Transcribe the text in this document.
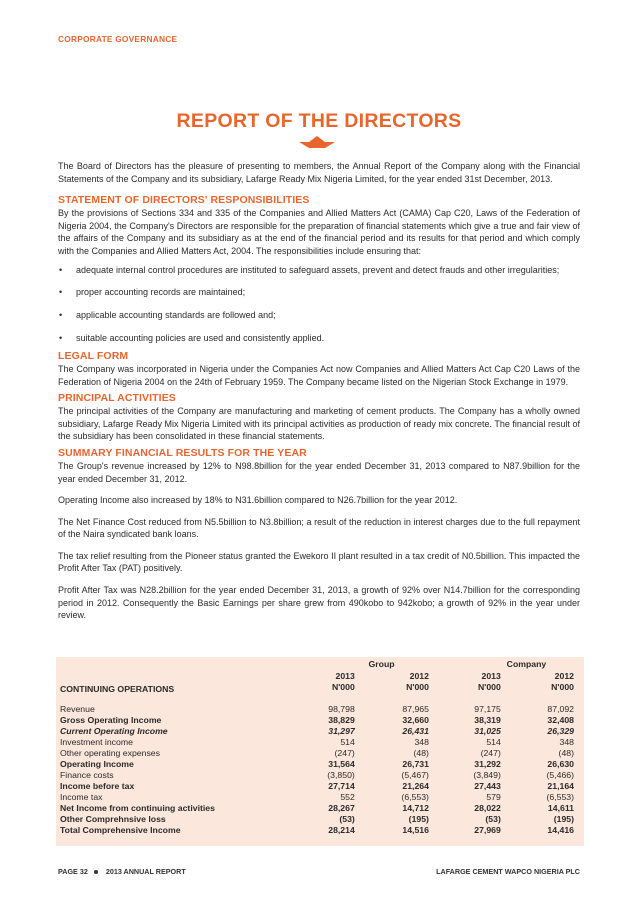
CORPORATE GOVERNANCE
REPORT OF THE DIRECTORS

The Board of Directors has the pleasure of presenting to members, the Annual Report of the Company along with the Financial Statements of the Company and its subsidiary, Lafarge Ready Mix Nigeria Limited, for the year ended 31st December, 2013.

STATEMENT OF DIRECTORS' RESPONSIBILITIES

By the provisions of Sections 334 and 335 of the Companies and Allied Matters Act (CAMA) Cap C20, Laws of the Federation of Nigeria 2004, the Company's Directors are responsible for the preparation of financial statements which give a true and fair view of the affairs of the Company and its subsidiary as at the end of the financial period and its results for that period and which comply with the Companies and Allied Matters Act, 2004. The responsibilities include ensuring that:

• adequate internal control procedures are instituted to safeguard assets, prevent and detect frauds and other irregularities;
• proper accounting records are maintained;
• applicable accounting standards are followed and;
• suitable accounting policies are used and consistently applied.
LEGAL FORM

The Company was incorporated in Nigeria under the Companies Act now Companies and Allied Matters Act Cap C20 Laws of the Federation of Nigeria 2004 on the 24th of February 1959. The Company became listed on the Nigerian Stock Exchange in 1979.

PRINCIPAL ACTIVITIES

The principal activities of the Company are manufacturing and marketing of cement products. The Company has a wholly owned subsidiary, Lafarge Ready Mix Nigeria Limited with its principal activities as production of ready mix concrete. The financial result of the subsidiary has been consolidated in these financial statements.

SUMMARY FINANCIAL RESULTS FOR THE YEAR

The Group's revenue increased by 12% to N98.8billion for the year ended December 31, 2013 compared to N87.9billion for the year ended December 31, 2012.

Operating Income also increased by 18% to N31.6billion compared to N26.7billion for the year 2012.

The Net Finance Cost reduced from N5.5billion to N3.8billion; a result of the reduction in interest charges due to the full repayment of the Naira syndicated bank loans.

The tax relief resulting from the Pioneer status granted the Ewekoro II plant resulted in a tax credit of N0.5billion. This impacted the Profit After Tax (PAT) positively.

Profit After Tax was N28.2billion for the year ended December 31, 2013, a growth of 92% over N14.7billion for the corresponding period in 2012. Consequently the Basic Earnings per share grew from 490kobo to 942kobo; a growth of 92% in the year under review.

	Group		Company	
	2013	2012	2013	2012
CONTINUING OPERATIONS	N'000	N'000	N'000	N'000
Revenue	98,798	87,965	97,175	87,092
Gross Operating Income	38,829	32,660	38,319	32,408
Current Operating Income	31,297	26,431	31,025	26,329
Investment income	514	348	514	348
Other operating expenses	(247)	(48)	(247)	(48)
Operating Income	31,564	26,731	31,292	26,630
Finance costs	(3,850)	(5,467)	(3,849)	(5,466)
Income before tax	27,714	21,264	27,443	21,164
Income tax	552	(6,553)	579	(6,553)
Net Income from continuing activities	28,267	14,712	28,022	14,611
Other Comprehnsive loss	(53)	(195)	(53)	(195)
Total Comprehensive Income	28,214	14,516	27,969	14,416
PAGE 32	2013 ANNUAL REPORT	LAFARGE CEMENT WAPCO NIGERIA PLC
